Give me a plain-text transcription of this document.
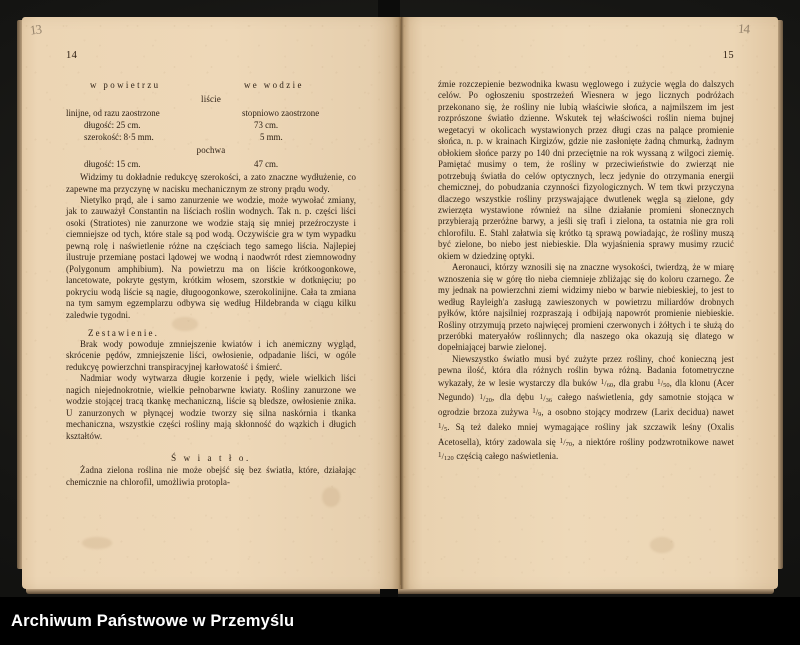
14
w powietrzu	we wodzie
liście
linijne, od razu zaostrzone	stopniowo zaostrzone
długość: 25 cm.	73 cm.
szerokość: 8·5 mm.	5 mm.
pochwa
długość: 15 cm.	47 cm.

Widzimy tu dokładnie redukcyę szerokości, a zato znaczne wydłużenie, co zapewne ma przyczynę w nacisku mechanicznym ze strony prądu wody.

Nietylko prąd, ale i samo zanurzenie we wodzie, może wywołać zmiany, jak to zauważył Constantin na liściach roślin wodnych. Tak n. p. części liści osoki (Stratiotes) nie zanurzone we wodzie stają się mniej przeźroczyste i ciemniejsze od tych, które stale są pod wodą. Oczywiście gra w tym wypadku pewną rolę i naświetlenie różne na częściach tego samego liścia. Najlepiej ilustruje przemianę postaci lądowej we wodną i naodwrót rdest ziemnowodny (Polygonum amphibium). Na powietrzu ma on liście krótkoogonkowe, lancetowate, pokryte gęstym, krótkim włosem, szorstkie w dotknięciu; po pokryciu wodą liście są nagie, długoogonkowe, szerokolinijne. Cała ta zmiana na tym samym egzemplarzu odbywa się według Hildebranda w ciągu kilku zaledwie tygodni.

Zestawienie.

Brak wody powoduje zmniejszenie kwiatów i ich anemiczny wygląd, skrócenie pędów, zmniejszenie liści, owłosienie, odpadanie liści, w ogóle redukcyę powierzchni transpiracyjnej karłowatość i śmierć.

Nadmiar wody wytwarza długie korzenie i pędy, wiele wielkich liści nagich niejednokrotnie, wielkie pełnobarwne kwiaty. Rośliny zanurzone we wodzie stojącej tracą tkankę mechaniczną, liście są bledsze, owłosienie znika. U zanurzonych w płynącej wodzie tworzy się silna naskórnia i tkanka mechaniczna, wszystkie części rośliny mają skłonność do wązkich i długich kształtów.

Ś w i a t ł o.

Żadna zielona roślina nie może obejść się bez światła, które, działając chemicznie na chlorofil, umożliwia protopla-

15

źmie rozczepienie bezwodnika kwasu węglowego i zużycie węgla do dalszych celów. Po ogłoszeniu spostrzeżeń Wiesnera w jego licznych podróżach przekonano się, że rośliny nie lubią właściwie słońca, a najmilszem im jest rozprószone światło dzienne. Wskutek tej właściwości roślin niema bujnej wegetacyi w okolicach wystawionych przez długi czas na palące promienie słońca, n. p. w krainach Kirgizów, gdzie nie zasłonięte żadną chmurką, żadnym obłokiem słońce parzy po 140 dni przeciętnie na rok wyssaną z wilgoci ziemię. Pamiętać musimy o tem, że rośliny w przeciwieństwie do zwierząt nie potrzebują światła do celów optycznych, lecz jedynie do otrzymania energii chemicznej, do pobudzania czynności fizyologicznych. W tem tkwi przyczyna dlaczego wszystkie rośliny przyswajające dwutlenek węgla są zielone, gdy zwierzęta wystawione również na silne działanie promieni słonecznych przybierają przeróżne barwy, a jeśli się trafi i zielona, ta ostatnia nie gra roli chlorofilu. E. Stahl załatwia się krótko tą sprawą powiadając, że rośliny muszą być zielone, bo niebo jest niebieskie. Dla wyjaśnienia sprawy musimy rzucić okiem w dziedzinę optyki.

Aeronauci, którzy wznosili się na znaczne wysokości, twierdzą, że w miarę wznoszenia się w górę tło nieba ciemnieje zbliżając się do koloru czarnego. Że my jednak na powierzchni ziemi widzimy niebo w barwie niebieskiej, to jest to według Rayleigh'a zasługą zawieszonych w powietrzu miliardów drobnych pyłków, które najsilniej rozpraszają i odbijają napowrót promienie niebieskie. Rośliny otrzymują przeto najwięcej promieni czerwonych i żółtych i te służą do przeróbki materyałów roślinnych; dla naszego oka okazują się dlatego w dopełniającej barwie zielonej.

Niewszystko światło musi być zużyte przez rośliny, choć konieczną jest pewna ilość, która dla różnych roślin bywa różną. Badania fotometryczne wykazały, że w lesie wystarczy dla buków $^1$/60, dla grabu $^1$/50, dla klonu (Acer Negundo) $^1$/20, dla dębu $^1$/36 całego naświetlenia, gdy samotnie stojąca w ogrodzie brzoza zużywa $^1$/9, a osobno stojący modrzew (Larix decidua) nawet $^1$/5. Są też daleko mniej wymagające rośliny jak szczawik leśny (Oxalis Acetosella), który zadowala się $^1$/70, a niektóre rośliny podzwrotnikowe nawet $^1$/120 częścią całego naświetlenia.

13	14
Archiwum Państwowe w Przemyślu
